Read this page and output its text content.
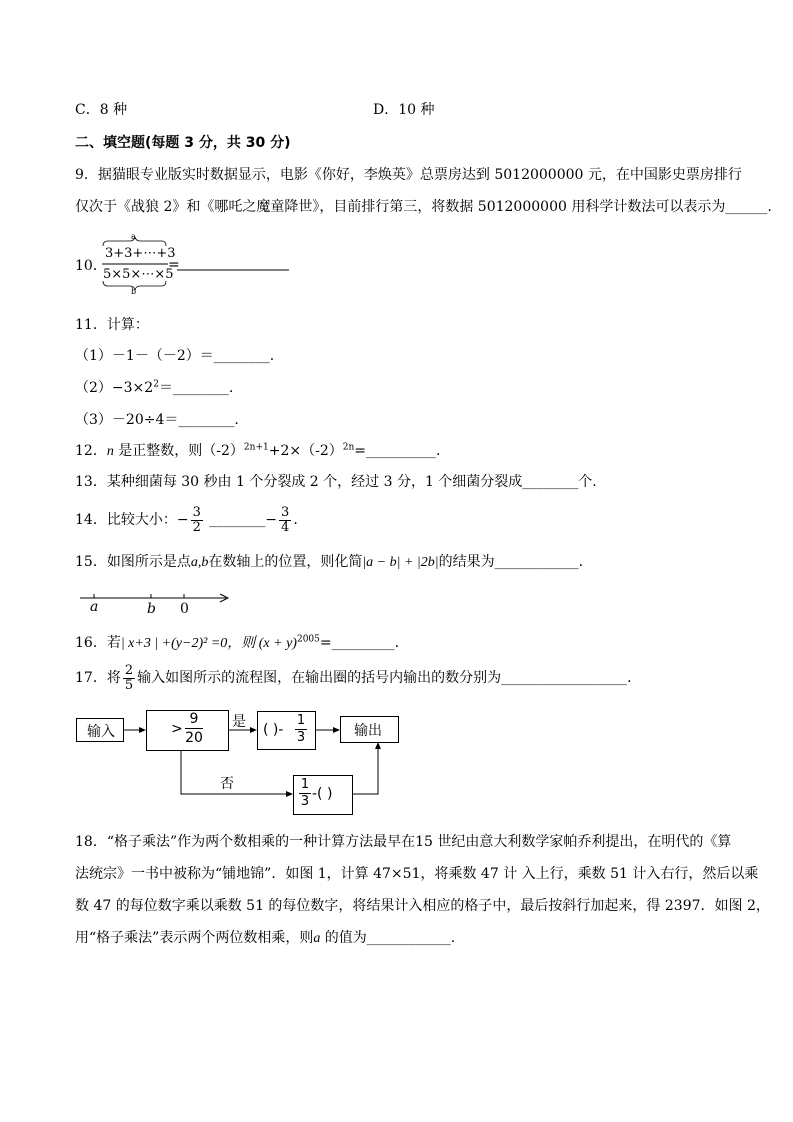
C．8 种	D．10 种
二、填空题(每题 3 分，共 30 分)
9．据猫眼专业版实时数据显示，电影《你好，李焕英》总票房达到 5012000000 元，在中国影史票房排行
仅次于《战狼 2》和《哪吒之魔童降世》，目前排行第三，将数据 5012000000 用科学计数法可以表示为______.
10．
a
3+3+⋯+3
5×5×⋯×5
b
=
11．计算：
（1）－1－（－2）＝________.
$(2)-3\times 2^2=\_\_\_\_\_\_\_\_$.
（3）－20÷4＝________.
12．n 是正整数，则$(-2)^{2n+1}+2\times(-2)^{2n}=\_\_\_\_\_\_\_\_\_\_$.
13．某种细菌每 30 秒由 1 个分裂成 2 个，经过 3 分，1 个细菌分裂成________个.
14．比较大小：− $\frac{3}{2}$ ________− $\frac{3}{4}$ .
15．如图所示是点a,b在数轴上的位置，则化简|a − b| + |2b|的结果为____________.
a	b 0
16．若| x+3 | +(y−2)² =0，则 $(x + y)^{2005}=\_\_\_\_\_\_\_\_\_$.
17．将 $\frac{2}{5}$ 输入如图所示的流程图，在输出圈的括号内输出的数分别为__________________.
输入	>
9
20
是 ( )-
1
3	输出
否	1
3 -( )
18．“格子乘法”作为两个数相乘的一种计算方法最早在15 世纪由意大利数学家帕乔利提出，在明代的《算
法统宗》一书中被称为“铺地锦”．如图 1，计算 47×51，将乘数 47 计 入上行，乘数 51 计入右行，然后以乘
数 47 的每位数字乘以乘数 51 的每位数字，将结果计入相应的格子中，最后按斜行加起来，得 2397．如图 2，
用“格子乘法”表示两个两位数相乘，则a 的值为____________.
